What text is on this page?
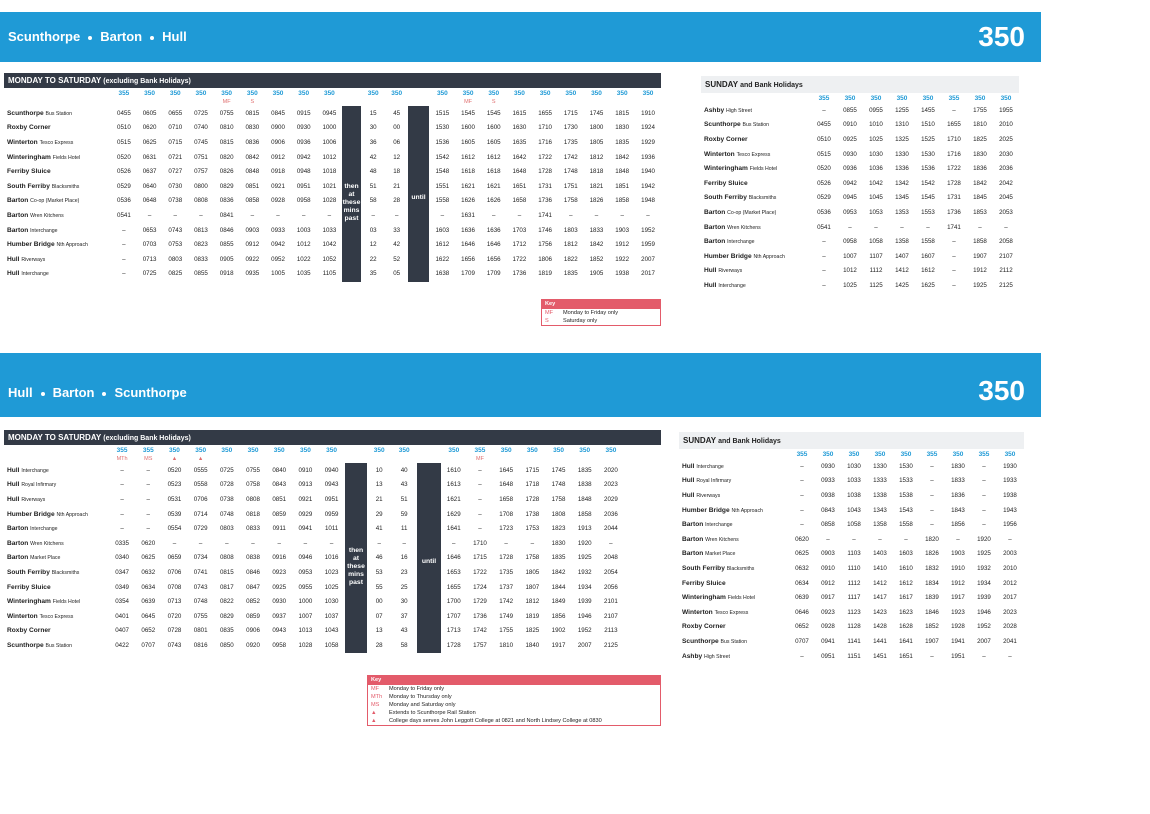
Scunthorpe Barton Hull	350
MONDAY TO SATURDAY (excluding Bank Holidays)
	355	350	350	350	350	350	350	350	350		350	350		350	350	350	350	350	350	350	350	350
					MF	S									MF	S						
Scunthorpe Bus Station	0455	0605	0655	0725	0755	0815	0845	0915	0945		15	45		1515	1545	1545	1615	1655	1715	1745	1815	1910
Roxby Corner	0510	0620	0710	0740	0810	0830	0900	0930	1000		30	00		1530	1600	1600	1630	1710	1730	1800	1830	1924
Winterton Tesco Express	0515	0625	0715	0745	0815	0836	0906	0936	1006		36	06		1536	1605	1605	1635	1716	1735	1805	1835	1929
Winteringham Fields Hotel	0520	0631	0721	0751	0820	0842	0912	0942	1012		42	12		1542	1612	1612	1642	1722	1742	1812	1842	1936
Ferriby Sluice	0526	0637	0727	0757	0826	0848	0918	0948	1018		48	18		1548	1618	1618	1648	1728	1748	1818	1848	1940
South Ferriby Blacksmiths	0529	0640	0730	0800	0829	0851	0921	0951	1021		51	21		1551	1621	1621	1651	1731	1751	1821	1851	1942
Barton Co-op (Market Place)	0536	0648	0738	0808	0836	0858	0928	0958	1028		58	28		1558	1626	1626	1658	1736	1758	1826	1858	1948
Barton Wren Kitchens	0541	–	–	–	0841	–	–	–	–		–	–		–	1631	–	–	1741	–	–	–	–
Barton Interchange	–	0653	0743	0813	0846	0903	0933	1003	1033		03	33		1603	1636	1636	1703	1746	1803	1833	1903	1952
Humber Bridge Nth Approach	–	0703	0753	0823	0855	0912	0942	1012	1042		12	42		1612	1646	1646	1712	1756	1812	1842	1912	1959
Hull Riverways	–	0713	0803	0833	0905	0922	0952	1022	1052		22	52		1622	1656	1656	1722	1806	1822	1852	1922	2007
Hull Interchange	–	0725	0825	0855	0918	0935	1005	1035	1105		35	05		1638	1709	1709	1736	1819	1835	1905	1938	2017
then
at
these
mins
past
until
SUNDAY and Bank Holidays
	355	350	350	350	350	355	350	350
Ashby High Street	–	0855	0955	1255	1455	–	1755	1955
Scunthorpe Bus Station	0455	0910	1010	1310	1510	1655	1810	2010
Roxby Corner	0510	0925	1025	1325	1525	1710	1825	2025
Winterton Tesco Express	0515	0930	1030	1330	1530	1716	1830	2030
Winteringham Fields Hotel	0520	0936	1036	1336	1536	1722	1836	2036
Ferriby Sluice	0526	0942	1042	1342	1542	1728	1842	2042
South Ferriby Blacksmiths	0529	0945	1045	1345	1545	1731	1845	2045
Barton Co-op (Market Place)	0536	0953	1053	1353	1553	1736	1853	2053
Barton Wren Kitchens	0541	–	–	–	–	1741	–	–
Barton Interchange	–	0958	1058	1358	1558	–	1858	2058
Humber Bridge Nth Approach	–	1007	1107	1407	1607	–	1907	2107
Hull Riverways	–	1012	1112	1412	1612	–	1912	2112
Hull Interchange	–	1025	1125	1425	1625	–	1925	2125
Key
MF Monday to Friday only
S	Saturday only
Hull Barton Scunthorpe	350
MONDAY TO SATURDAY (excluding Bank Holidays)
	355	355	350	350	350	350	350	350	350		350	350		350	355	350	350	350	350	350
	MTh	MS	▲	▲											MF					
Hull Interchange	–	–	0520	0555	0725	0755	0840	0910	0940		10	40		1610	–	1645	1715	1745	1835	2020
Hull Royal Infirmary	–	–	0523	0558	0728	0758	0843	0913	0943		13	43		1613	–	1648	1718	1748	1838	2023
Hull Riverways	–	–	0531	0706	0738	0808	0851	0921	0951		21	51		1621	–	1658	1728	1758	1848	2029
Humber Bridge Nth Approach	–	–	0539	0714	0748	0818	0859	0929	0959		29	59		1629	–	1708	1738	1808	1858	2036
Barton Interchange	–	–	0554	0729	0803	0833	0911	0941	1011		41	11		1641	–	1723	1753	1823	1913	2044
Barton Wren Kitchens	0335	0620	–	–	–	–	–	–	–		–	–		–	1710	–	–	1830	1920	–
Barton Market Place	0340	0625	0659	0734	0808	0838	0916	0946	1016		46	16		1646	1715	1728	1758	1835	1925	2048
South Ferriby Blacksmiths	0347	0632	0706	0741	0815	0846	0923	0953	1023		53	23		1653	1722	1735	1805	1842	1932	2054
Ferriby Sluice	0349	0634	0708	0743	0817	0847	0925	0955	1025		55	25		1655	1724	1737	1807	1844	1934	2056
Winteringham Fields Hotel	0354	0639	0713	0748	0822	0852	0930	1000	1030		00	30		1700	1729	1742	1812	1849	1939	2101
Winterton Tesco Express	0401	0645	0720	0755	0829	0859	0937	1007	1037		07	37		1707	1736	1749	1819	1856	1946	2107
Roxby Corner	0407	0652	0728	0801	0835	0906	0943	1013	1043		13	43		1713	1742	1755	1825	1902	1952	2113
Scunthorpe Bus Station	0422	0707	0743	0816	0850	0920	0958	1028	1058		28	58		1728	1757	1810	1840	1917	2007	2125
then
at
these
mins
past
until
SUNDAY and Bank Holidays
	355	350	350	350	350	355	350	355	350
Hull Interchange	–	0930	1030	1330	1530	–	1830	–	1930
Hull Royal Infirmary	–	0933	1033	1333	1533	–	1833	–	1933
Hull Riverways	–	0938	1038	1338	1538	–	1836	–	1938
Humber Bridge Nth Approach	–	0843	1043	1343	1543	–	1843	–	1943
Barton Interchange	–	0858	1058	1358	1558	–	1856	–	1956
Barton Wren Kitchens	0620	–	–	–	–	1820	–	1920	–
Barton Market Place	0625	0903	1103	1403	1603	1826	1903	1925	2003
South Ferriby Blacksmiths	0632	0910	1110	1410	1610	1832	1910	1932	2010
Ferriby Sluice	0634	0912	1112	1412	1612	1834	1912	1934	2012
Winteringham Fields Hotel	0639	0917	1117	1417	1617	1839	1917	1939	2017
Winterton Tesco Express	0646	0923	1123	1423	1623	1846	1923	1946	2023
Roxby Corner	0652	0928	1128	1428	1628	1852	1928	1952	2028
Scunthorpe Bus Station	0707	0941	1141	1441	1641	1907	1941	2007	2041
Ashby High Street	–	0951	1151	1451	1651	–	1951	–	–
Key
MF Monday to Friday only
MTh Monday to Thursday only
MS Monday and Saturday only
▲ Extends to Scunthorpe Rail Station
▲ College days serves John Leggott College at 0821 and North Lindsey College at 0830
